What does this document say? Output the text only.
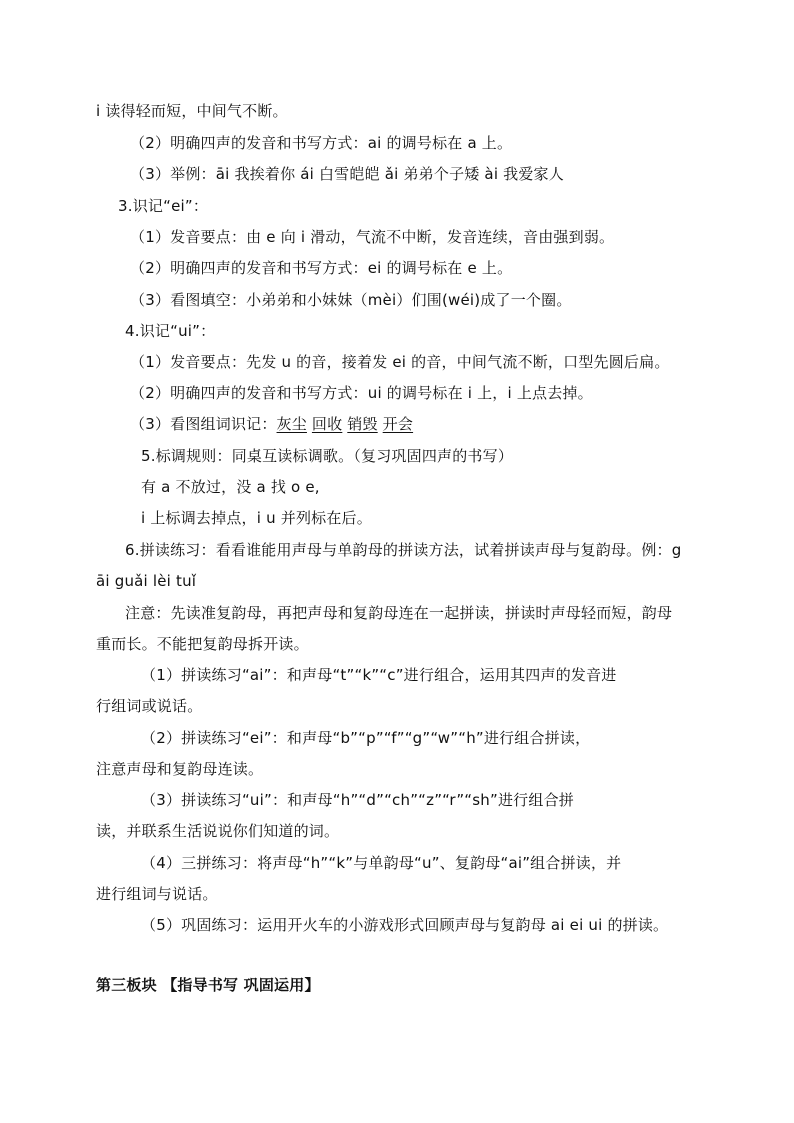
i 读得轻而短，中间气不断。
（2）明确四声的发音和书写方式：ai 的调号标在 a 上。
（3）举例：āi 我挨着你 ái 白雪皑皑 ǎi 弟弟个子矮 ài 我爱家人
3.识记“ei”：
（1）发音要点：由 e 向 i 滑动，气流不中断，发音连续，音由强到弱。
（2）明确四声的发音和书写方式：ei 的调号标在 e 上。
（3）看图填空：小弟弟和小妹妹（mèi）们围(wéi)成了一个圈。
4.识记“ui”：
（1）发音要点：先发 u 的音，接着发 ei 的音，中间气流不断，口型先圆后扁。
（2）明确四声的发音和书写方式：ui 的调号标在 i 上，i 上点去掉。
（3）看图组词识记：灰尘 回收 销毁 开会
5.标调规则：同桌互读标调歌。（复习巩固四声的书写）
有 a 不放过，没 a 找 o e,
i 上标调去掉点，i u 并列标在后。
6.拼读练习：看看谁能用声母与单韵母的拼读方法，试着拼读声母与复韵母。例：g
āi guǎi lèi tuǐ
注意：先读准复韵母，再把声母和复韵母连在一起拼读，拼读时声母轻而短，韵母
重而长。不能把复韵母拆开读。
（1）拼读练习“ai”：和声母“t”“k”“c”进行组合，运用其四声的发音进
行组词或说话。
（2）拼读练习“ei”：和声母“b”“p”“f”“g”“w”“h”进行组合拼读，
注意声母和复韵母连读。
（3）拼读练习“ui”：和声母“h”“d”“ch”“z”“r”“sh”进行组合拼
读，并联系生活说说你们知道的词。
（4）三拼练习：将声母“h”“k”与单韵母“u”、复韵母“ai”组合拼读，并
进行组词与说话。
（5）巩固练习：运用开火车的小游戏形式回顾声母与复韵母 ai ei ui 的拼读。
第三板块 【指导书写 巩固运用】
